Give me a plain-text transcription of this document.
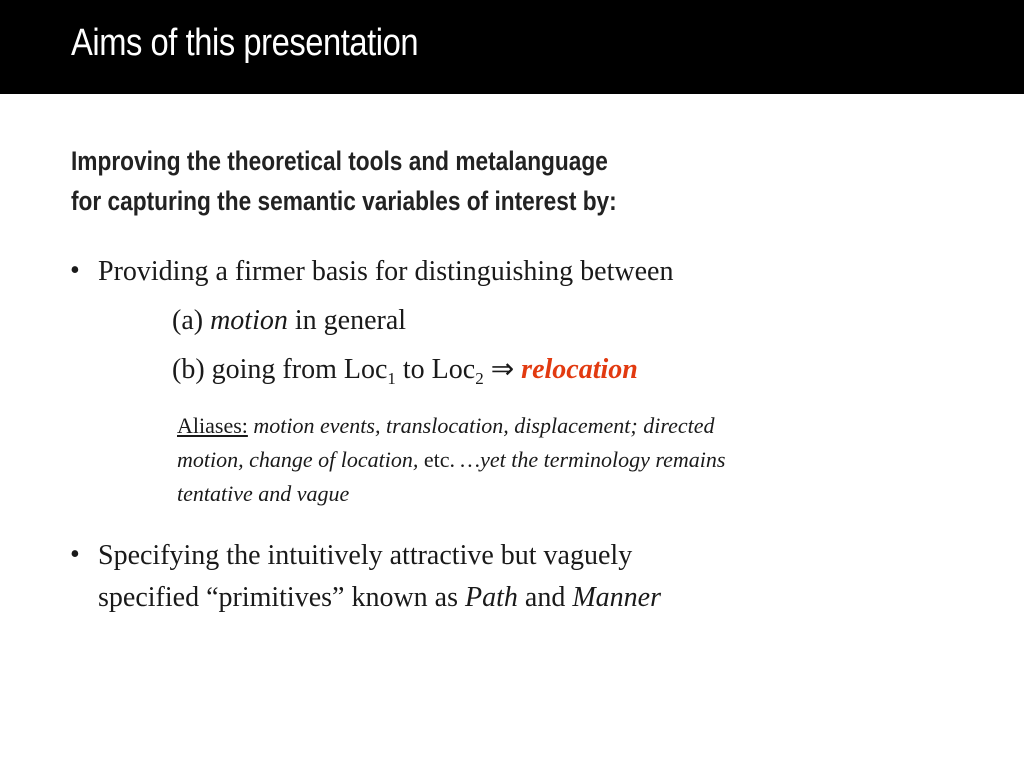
Aims of this presentation
Improving the theoretical tools and metalanguage
for capturing the semantic variables of interest by:
• Providing a firmer basis for distinguishing between
(a) motion in general
(b) going from Loc$_1$ to Loc$_2$ ⇒ relocation
Aliases: motion events, translocation, displacement; directed
motion, change of location, etc. …yet the terminology remains
tentative and vague
• Specifying the intuitively attractive but vaguely
specified “primitives” known as Path and Manner
